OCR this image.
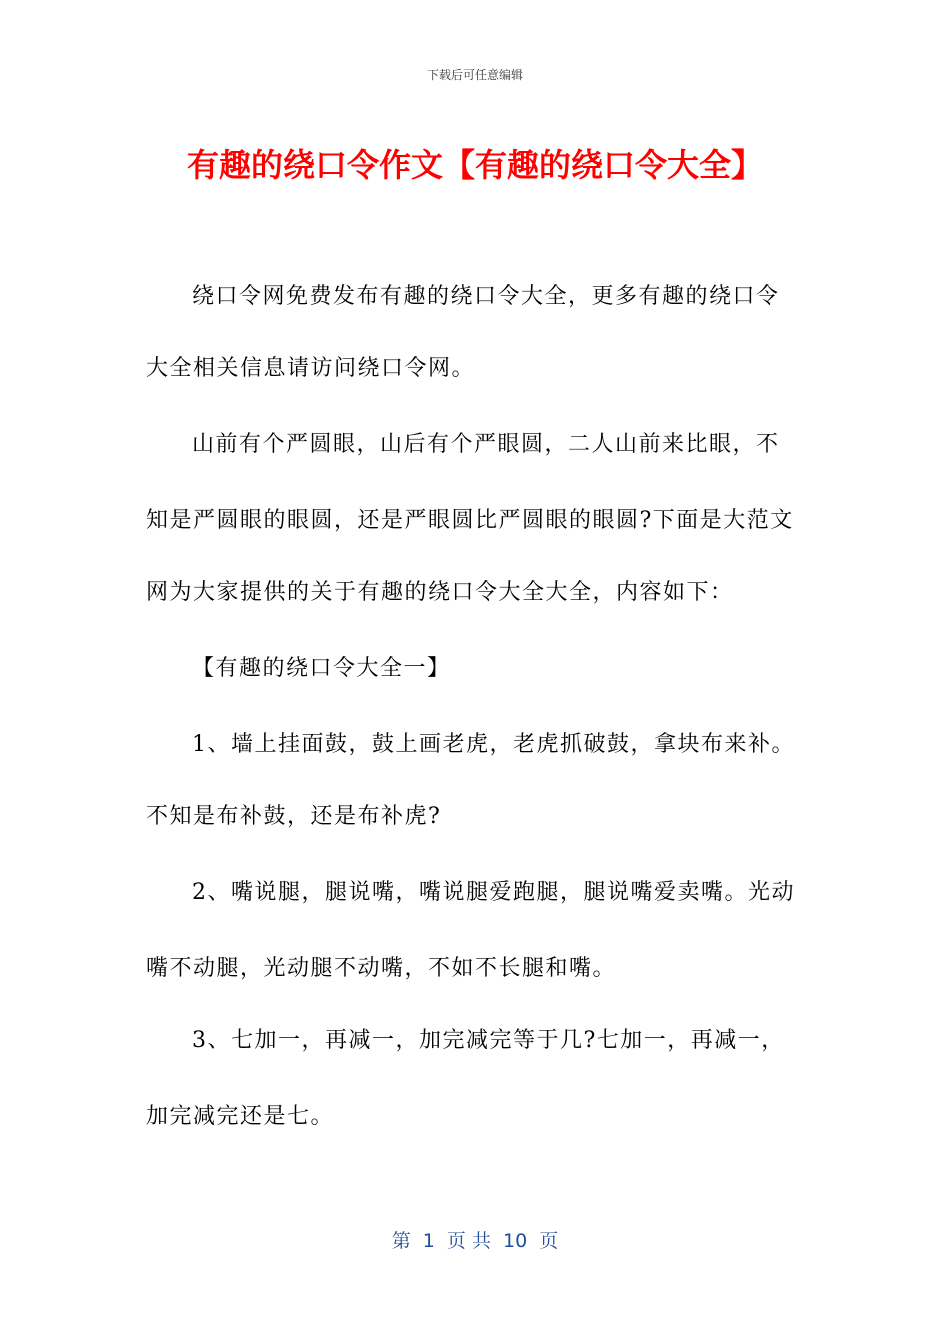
下载后可任意编辑
有趣的绕口令作文【有趣的绕口令大全】
绕口令网免费发布有趣的绕口令大全，更多有趣的绕口令
大全相关信息请访问绕口令网。
山前有个严圆眼，山后有个严眼圆，二人山前来比眼，不
知是严圆眼的眼圆，还是严眼圆比严圆眼的眼圆?下面是大范文
网为大家提供的关于有趣的绕口令大全大全，内容如下：
【有趣的绕口令大全一】
1、墙上挂面鼓，鼓上画老虎，老虎抓破鼓，拿块布来补。
不知是布补鼓，还是布补虎?
2、嘴说腿，腿说嘴，嘴说腿爱跑腿，腿说嘴爱卖嘴。光动
嘴不动腿，光动腿不动嘴，不如不长腿和嘴。
3、七加一，再减一，加完减完等于几?七加一，再减一，
加完减完还是七。
第  1  页 共  10  页
